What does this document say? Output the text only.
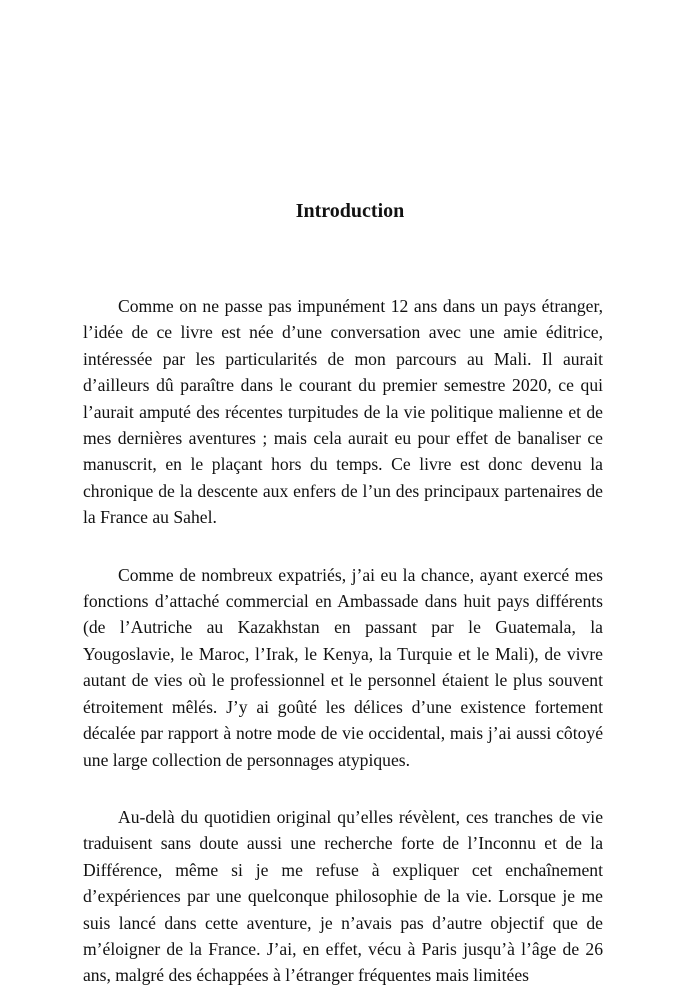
Introduction

Comme on ne passe pas impunément 12 ans dans un pays étranger, l’idée de ce livre est née d’une conversation avec une amie éditrice, intéressée par les particularités de mon parcours au Mali. Il aurait d’ailleurs dû paraître dans le courant du premier semestre 2020, ce qui l’aurait amputé des récentes turpitudes de la vie politique malienne et de mes dernières aventures ; mais cela aurait eu pour effet de banaliser ce manuscrit, en le plaçant hors du temps. Ce livre est donc devenu la chronique de la descente aux enfers de l’un des principaux partenaires de la France au Sahel.

Comme de nombreux expatriés, j’ai eu la chance, ayant exercé mes fonctions d’attaché commercial en Ambassade dans huit pays différents (de l’Autriche au Kazakhstan en passant par le Guatemala, la Yougoslavie, le Maroc, l’Irak, le Kenya, la Turquie et le Mali), de vivre autant de vies où le professionnel et le personnel étaient le plus souvent étroitement mêlés. J’y ai goûté les délices d’une existence fortement décalée par rapport à notre mode de vie occidental, mais j’ai aussi côtoyé une large collection de personnages atypiques.

Au-delà du quotidien original qu’elles révèlent, ces tranches de vie traduisent sans doute aussi une recherche forte de l’Inconnu et de la Différence, même si je me refuse à expliquer cet enchaînement d’expériences par une quelconque philosophie de la vie. Lorsque je me suis lancé dans cette aventure, je n’avais pas d’autre objectif que de m’éloigner de la France. J’ai, en effet, vécu à Paris jusqu’à l’âge de 26 ans, malgré des échappées à l’étranger fréquentes mais limitées
